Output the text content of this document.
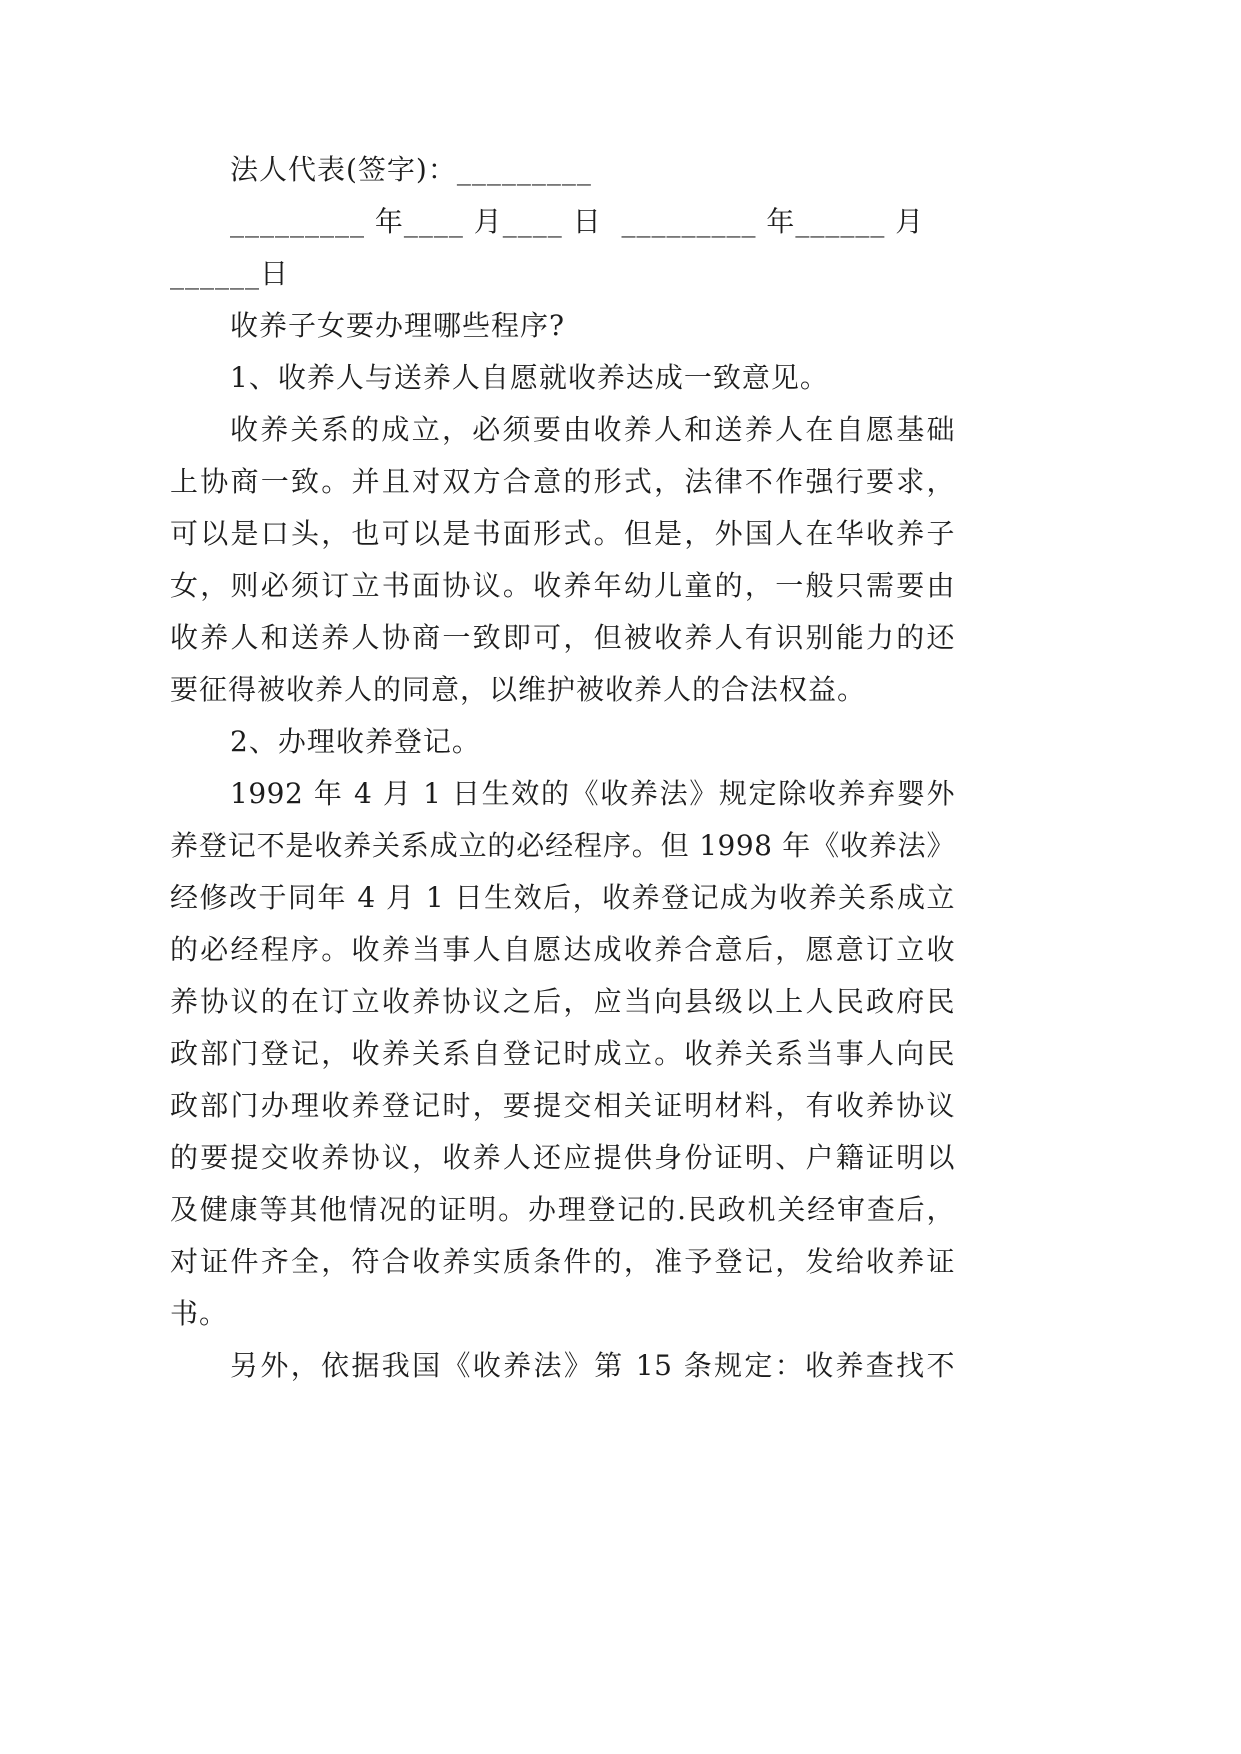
法人代表(签字)：_________
_________ 年____ 月____ 日  _________ 年______ 月
______日
收养子女要办理哪些程序?
1、收养人与送养人自愿就收养达成一致意见。
收养关系的成立，必须要由收养人和送养人在自愿基础
上协商一致。并且对双方合意的形式，法律不作强行要求，
可以是口头，也可以是书面形式。但是，外国人在华收养子
女，则必须订立书面协议。收养年幼儿童的，一般只需要由
收养人和送养人协商一致即可，但被收养人有识别能力的还
要征得被收养人的同意，以维护被收养人的合法权益。
2、办理收养登记。
1992 年 4 月 1 日生效的《收养法》规定除收养弃婴外
养登记不是收养关系成立的必经程序。但 1998 年《收养法》
经修改于同年 4 月 1 日生效后，收养登记成为收养关系成立
的必经程序。收养当事人自愿达成收养合意后，愿意订立收
养协议的在订立收养协议之后，应当向县级以上人民政府民
政部门登记，收养关系自登记时成立。收养关系当事人向民
政部门办理收养登记时，要提交相关证明材料，有收养协议
的要提交收养协议，收养人还应提供身份证明、户籍证明以
及健康等其他情况的证明。办理登记的.民政机关经审查后，
对证件齐全，符合收养实质条件的，准予登记，发给收养证
书。
另外，依据我国《收养法》第 15 条规定：收养查找不
